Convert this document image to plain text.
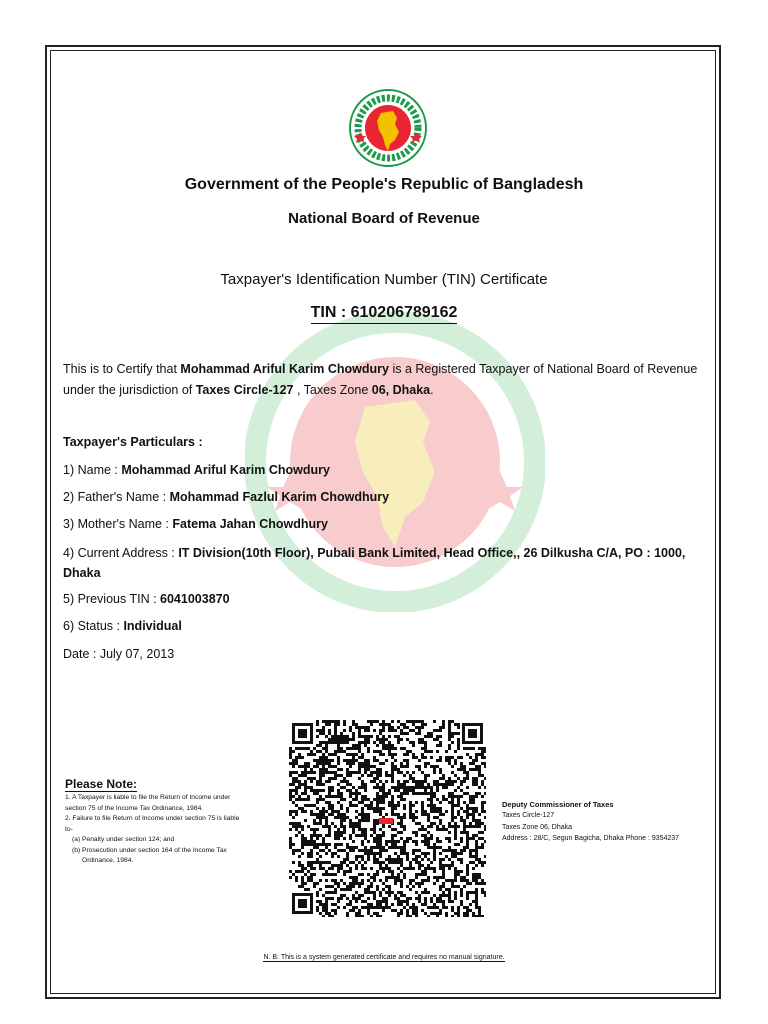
Government of the People's Republic of Bangladesh
National Board of Revenue
Taxpayer's Identification Number (TIN) Certificate
TIN : 610206789162
This is to Certify that Mohammad Ariful Karim Chowdury is a Registered Taxpayer of National Board of Revenue under the jurisdiction of Taxes Circle-127 , Taxes Zone 06, Dhaka.
Taxpayer's Particulars :
1) Name : Mohammad Ariful Karim Chowdury
2) Father's Name : Mohammad Fazlul Karim Chowdhury
3) Mother's Name : Fatema Jahan Chowdhury
4) Current Address : IT Division(10th Floor), Pubali Bank Limited, Head Office,, 26 Dilkusha C/A, PO : 1000, Dhaka
5) Previous TIN : 6041003870
6) Status : Individual
Date : July 07, 2013
Please Note:
1. A Taxpayer is liable to file the Return of Income under
section 75 of the Income Tax Ordinance, 1984.
2. Failure to file Return of Income under section 75 is liable
to-
(a) Penalty under section 124; and
(b) Prosecution under section 164 of the Income Tax
Ordinance, 1984.
Deputy Commissioner of Taxes
Taxes Circle-127
Taxes Zone 06, Dhaka
Address : 28/C, Segun Bagicha, Dhaka Phone : 9354237
N. B: This is a system generated certificate and requires no manual signature.
